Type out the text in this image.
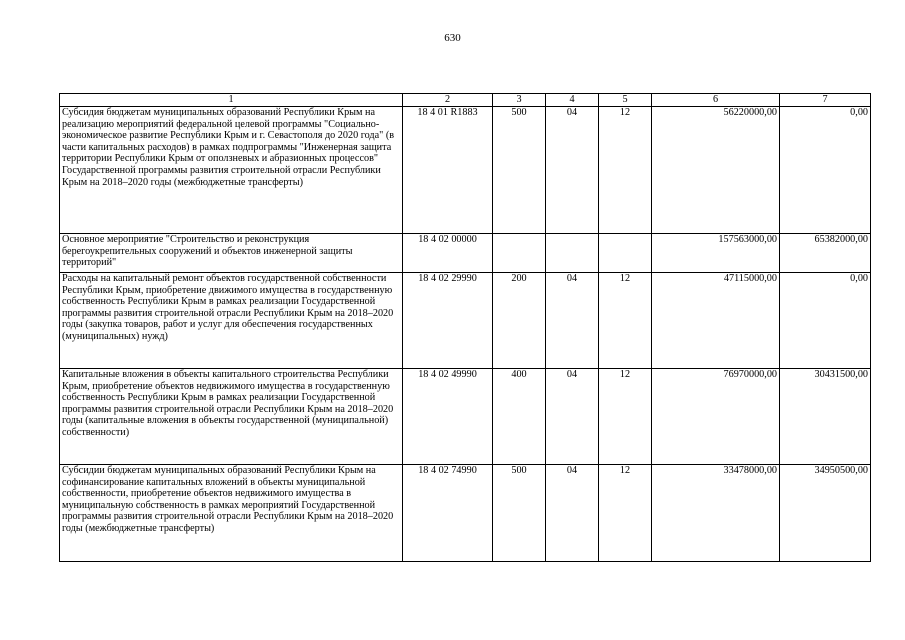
630
1	2	3	4	5	6	7
Субсидия бюджетам муниципальных образований Республики Крым на реализацию мероприятий федеральной целевой программы "Социально-экономическое развитие Республики Крым и г. Севастополя до 2020 года" (в части капитальных расходов) в рамках подпрограммы "Инженерная защита территории Республики Крым от оползневых и абразионных процессов" Государственной программы развития строительной отрасли Республики Крым на 2018–2020 годы (межбюджетные трансферты)	18 4 01 R1883	500	04	12	56220000,00	0,00
Основное мероприятие "Строительство и реконструкция берегоукрепительных сооружений и объектов инженерной защиты территорий"	18 4 02 00000				157563000,00	65382000,00
Расходы на капитальный ремонт объектов государственной собственности Республики Крым, приобретение движимого имущества в государственную собственность Республики Крым в рамках реализации Государственной программы развития строительной отрасли Республики Крым на 2018–2020 годы (закупка товаров, работ и услуг для обеспечения государственных (муниципальных) нужд)	18 4 02 29990	200	04	12	47115000,00	0,00
Капитальные вложения в объекты капитального строительства Республики Крым, приобретение объектов недвижимого имущества в государственную собственность Республики Крым в рамках реализации Государственной программы развития строительной отрасли Республики Крым на 2018–2020 годы (капитальные вложения в объекты государственной (муниципальной) собственности)	18 4 02 49990	400	04	12	76970000,00	30431500,00
Субсидии бюджетам муниципальных образований Республики Крым на софинансирование капитальных вложений в объекты муниципальной собственности, приобретение объектов недвижимого имущества в муниципальную собственность в рамках мероприятий Государственной программы развития строительной отрасли Республики Крым на 2018–2020 годы (межбюджетные трансферты)	18 4 02 74990	500	04	12	33478000,00	34950500,00
